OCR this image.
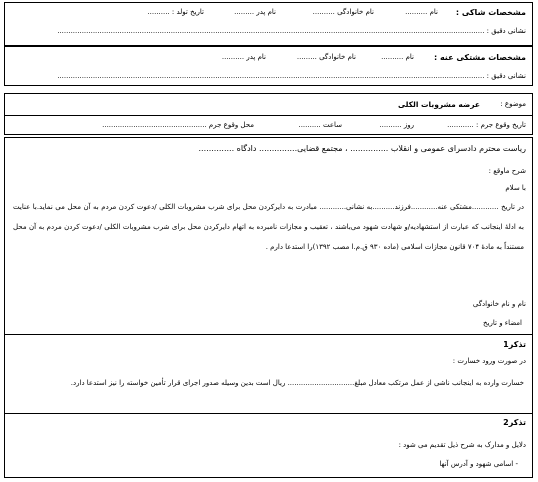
مشخصات شاکی :
نام ..........
نام خانوادگی ..........
نام پدر .........
تاریخ تولد : ..........
نشانی دقیق : ................................................................................................................................................................................................
مشخصات مشتکی عنه :
نام ..........
نام خانوادگی .........
نام پدر ..........
نشانی دقیق : ................................................................................................................................................................................................
موضوع :
عرضه مشروبات الکلی
تاریخ وقوع جرم : ............
روز ..........
ساعت ..........
محل وقوع جرم ...............................................
ریاست محترم دادسرای عمومی و انقلاب ............... ، مجتمع قضایی............... دادگاه ..............
شرح ماوقع :
با سلام
در تاریخ ............مشتکی عنه............فرزند..........به نشانی............ مبادرت به دایرکردن محل برای شرب مشروبات الکلی /دعوت کردن مردم به آن محل می نماید.با عنایت به ادلهٔ اینجانب که عبارت از استشهادیه/و شهادت شهود می‌باشند ، تعقیب و مجازات نامبرده به اتهام دایرکردن محل برای شرب مشروبات الکلی /دعوت کردن مردم به آن محل مستنداً به مادهٔ ۷۰۴ قانون مجازات اسلامی (ماده ۹۳۰ ق.م.ا مصب ۱۳۹۲)را استدعا دارم .
نام و نام خانوادگی
امضاء و تاریخ
تذکر1
در صورت ورود خسارت :
خسارت وارده به اینجانب ناشی از عمل مرتکب معادل مبلغ.............................. ریال است بدین وسیله صدور اجرای قرار تأمین خواسته را نیز استدعا دارد.
تذکر2
دلایل و مدارک به شرح ذیل تقدیم می شود :
- اسامی شهود و آدرس آنها
